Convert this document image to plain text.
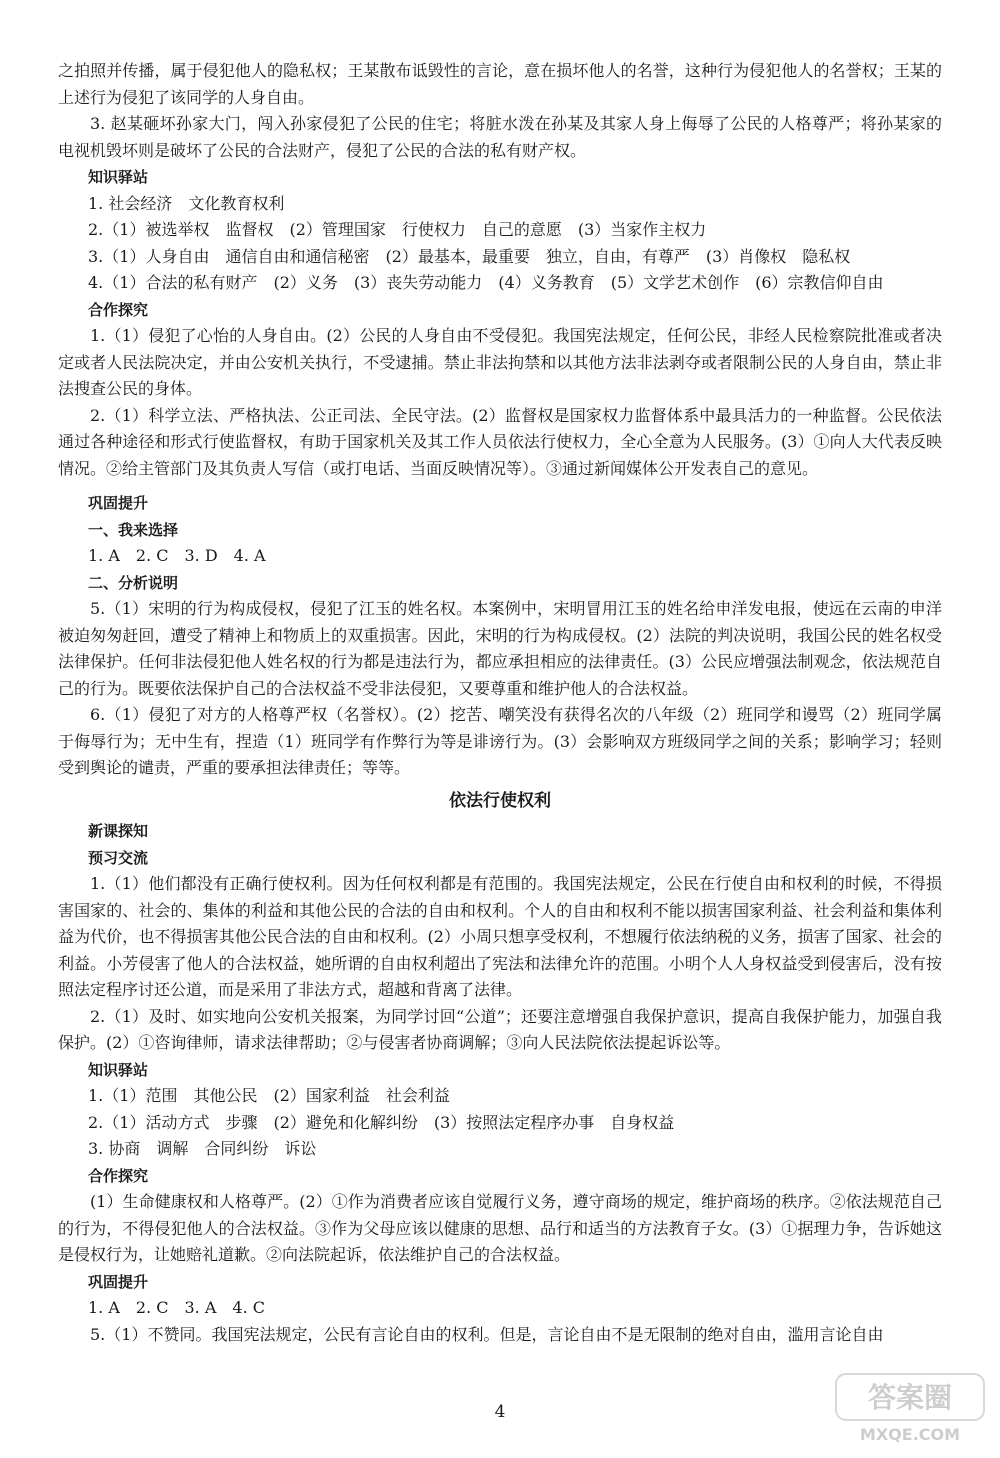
之拍照并传播，属于侵犯他人的隐私权；王某散布诋毁性的言论，意在损坏他人的名誉，这种行为侵犯他人的名誉权；王某的上述行为侵犯了该同学的人身自由。

3. 赵某砸坏孙家大门，闯入孙家侵犯了公民的住宅；将脏水泼在孙某及其家人身上侮辱了公民的人格尊严；将孙某家的电视机毁坏则是破坏了公民的合法财产，侵犯了公民的合法的私有财产权。

知识驿站

1. 社会经济　文化教育权利

2.（1）被选举权　监督权　(2）管理国家　行使权力　自己的意愿　(3）当家作主权力

3.（1）人身自由　通信自由和通信秘密　(2）最基本，最重要　独立，自由，有尊严　(3）肖像权　隐私权

4.（1）合法的私有财产　(2）义务　(3）丧失劳动能力　(4）义务教育　(5）文学艺术创作　(6）宗教信仰自由

合作探究

1.（1）侵犯了心怡的人身自由。(2）公民的人身自由不受侵犯。我国宪法规定，任何公民，非经人民检察院批准或者决定或者人民法院决定，并由公安机关执行，不受逮捕。禁止非法拘禁和以其他方法非法剥夺或者限制公民的人身自由，禁止非法搜查公民的身体。

2.（1）科学立法、严格执法、公正司法、全民守法。(2）监督权是国家权力监督体系中最具活力的一种监督。公民依法通过各种途径和形式行使监督权，有助于国家机关及其工作人员依法行使权力，全心全意为人民服务。(3）①向人大代表反映情况。②给主管部门及其负责人写信（或打电话、当面反映情况等）。③通过新闻媒体公开发表自己的意见。

巩固提升
一、我来选择

1. A　2. C　3. D　4. A

二、分析说明

5.（1）宋明的行为构成侵权，侵犯了江玉的姓名权。本案例中，宋明冒用江玉的姓名给申洋发电报，使远在云南的申洋被迫匆匆赶回，遭受了精神上和物质上的双重损害。因此，宋明的行为构成侵权。(2）法院的判决说明，我国公民的姓名权受法律保护。任何非法侵犯他人姓名权的行为都是违法行为，都应承担相应的法律责任。(3）公民应增强法制观念，依法规范自己的行为。既要依法保护自己的合法权益不受非法侵犯，又要尊重和维护他人的合法权益。

6.（1）侵犯了对方的人格尊严权（名誉权）。(2）挖苦、嘲笑没有获得名次的八年级（2）班同学和谩骂（2）班同学属于侮辱行为；无中生有，捏造（1）班同学有作弊行为等是诽谤行为。(3）会影响双方班级同学之间的关系；影响学习；轻则受到舆论的谴责，严重的要承担法律责任；等等。

依法行使权利
新课探知
预习交流

1.（1）他们都没有正确行使权利。因为任何权利都是有范围的。我国宪法规定，公民在行使自由和权利的时候，不得损害国家的、社会的、集体的利益和其他公民的合法的自由和权利。个人的自由和权利不能以损害国家利益、社会利益和集体利益为代价，也不得损害其他公民合法的自由和权利。(2）小周只想享受权利，不想履行依法纳税的义务，损害了国家、社会的利益。小芳侵害了他人的合法权益，她所谓的自由权利超出了宪法和法律允许的范围。小明个人人身权益受到侵害后，没有按照法定程序讨还公道，而是采用了非法方式，超越和背离了法律。

2.（1）及时、如实地向公安机关报案，为同学讨回“公道”；还要注意增强自我保护意识，提高自我保护能力，加强自我保护。(2）①咨询律师，请求法律帮助；②与侵害者协商调解；③向人民法院依法提起诉讼等。

知识驿站

1.（1）范围　其他公民　(2）国家利益　社会利益

2.（1）活动方式　步骤　(2）避免和化解纠纷　(3）按照法定程序办事　自身权益

3. 协商　调解　合同纠纷　诉讼

合作探究

(1）生命健康权和人格尊严。(2）①作为消费者应该自觉履行义务，遵守商场的规定，维护商场的秩序。②依法规范自己的行为，不得侵犯他人的合法权益。③作为父母应该以健康的思想、品行和适当的方法教育子女。(3）①据理力争，告诉她这是侵权行为，让她赔礼道歉。②向法院起诉，依法维护自己的合法权益。

巩固提升

1. A　2. C　3. A　4. C

5.（1）不赞同。我国宪法规定，公民有言论自由的权利。但是，言论自由不是无限制的绝对自由，滥用言论自由

4	答案圈
MXQE.COM
